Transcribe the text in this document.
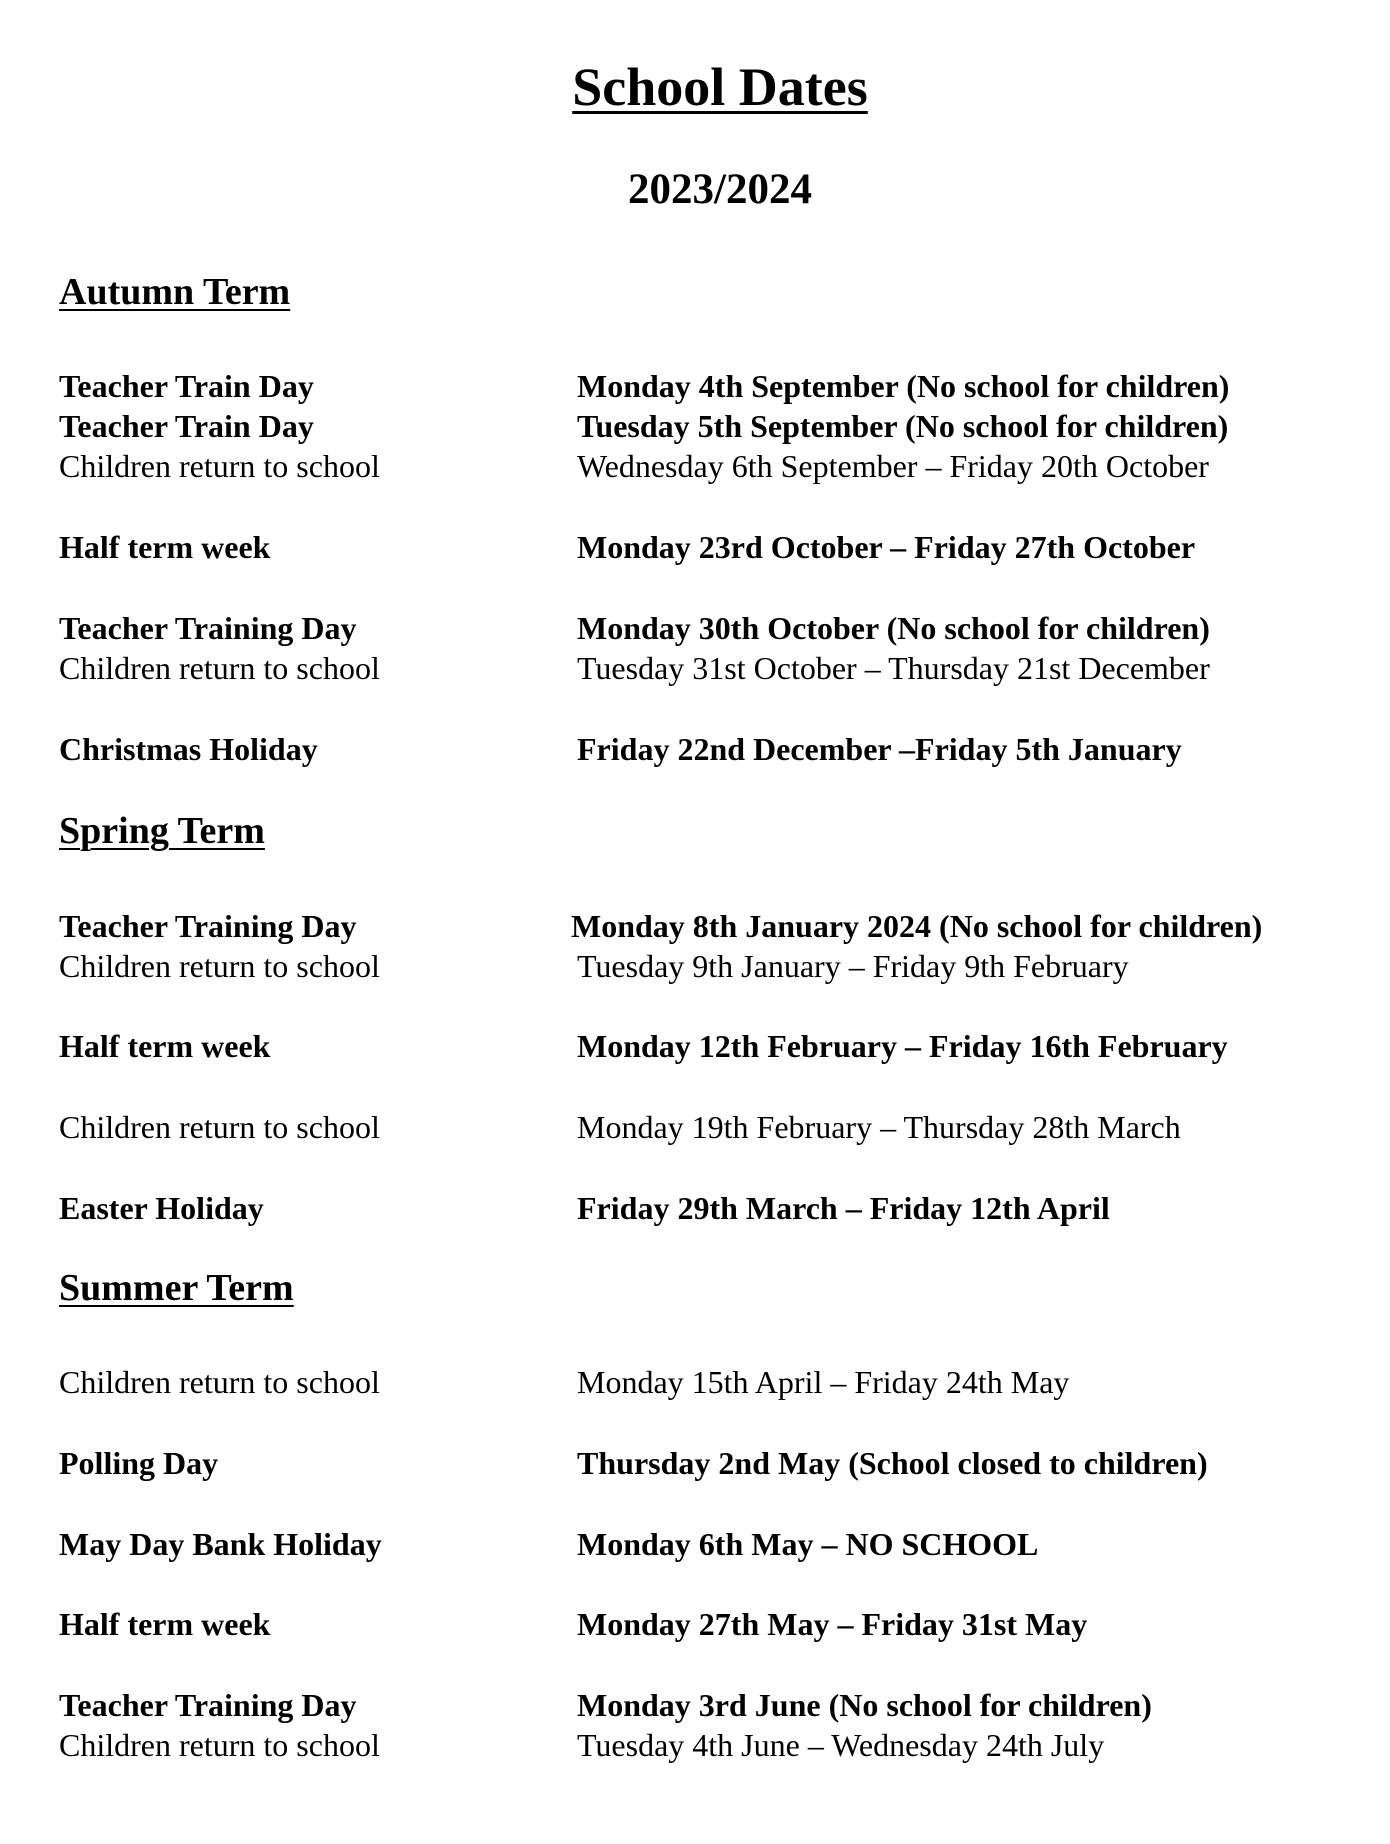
School Dates
2023/2024
Autumn Term
Teacher Train Day	Monday 4th September (No school for children)
Teacher Train Day	Tuesday 5th September (No school for children)
Children return to school	Wednesday 6th September – Friday 20th October
Half term week	Monday 23rd October – Friday 27th October
Teacher Training Day	Monday 30th October (No school for children)
Children return to school	Tuesday 31st October – Thursday 21st December
Christmas Holiday	Friday 22nd December –Friday 5th January
Spring Term
Teacher Training Day	Monday 8th January 2024 (No school for children)
Children return to school	Tuesday 9th January – Friday 9th February
Half term week	Monday 12th February – Friday 16th February
Children return to school	Monday 19th February – Thursday 28th March
Easter Holiday	Friday 29th March – Friday 12th April
Summer Term
Children return to school	Monday 15th April – Friday 24th May
Polling Day	Thursday 2nd May (School closed to children)
May Day Bank Holiday	Monday 6th May – NO SCHOOL
Half term week	Monday 27th May – Friday 31st May
Teacher Training Day	Monday 3rd June (No school for children)
Children return to school	Tuesday 4th June – Wednesday 24th July
